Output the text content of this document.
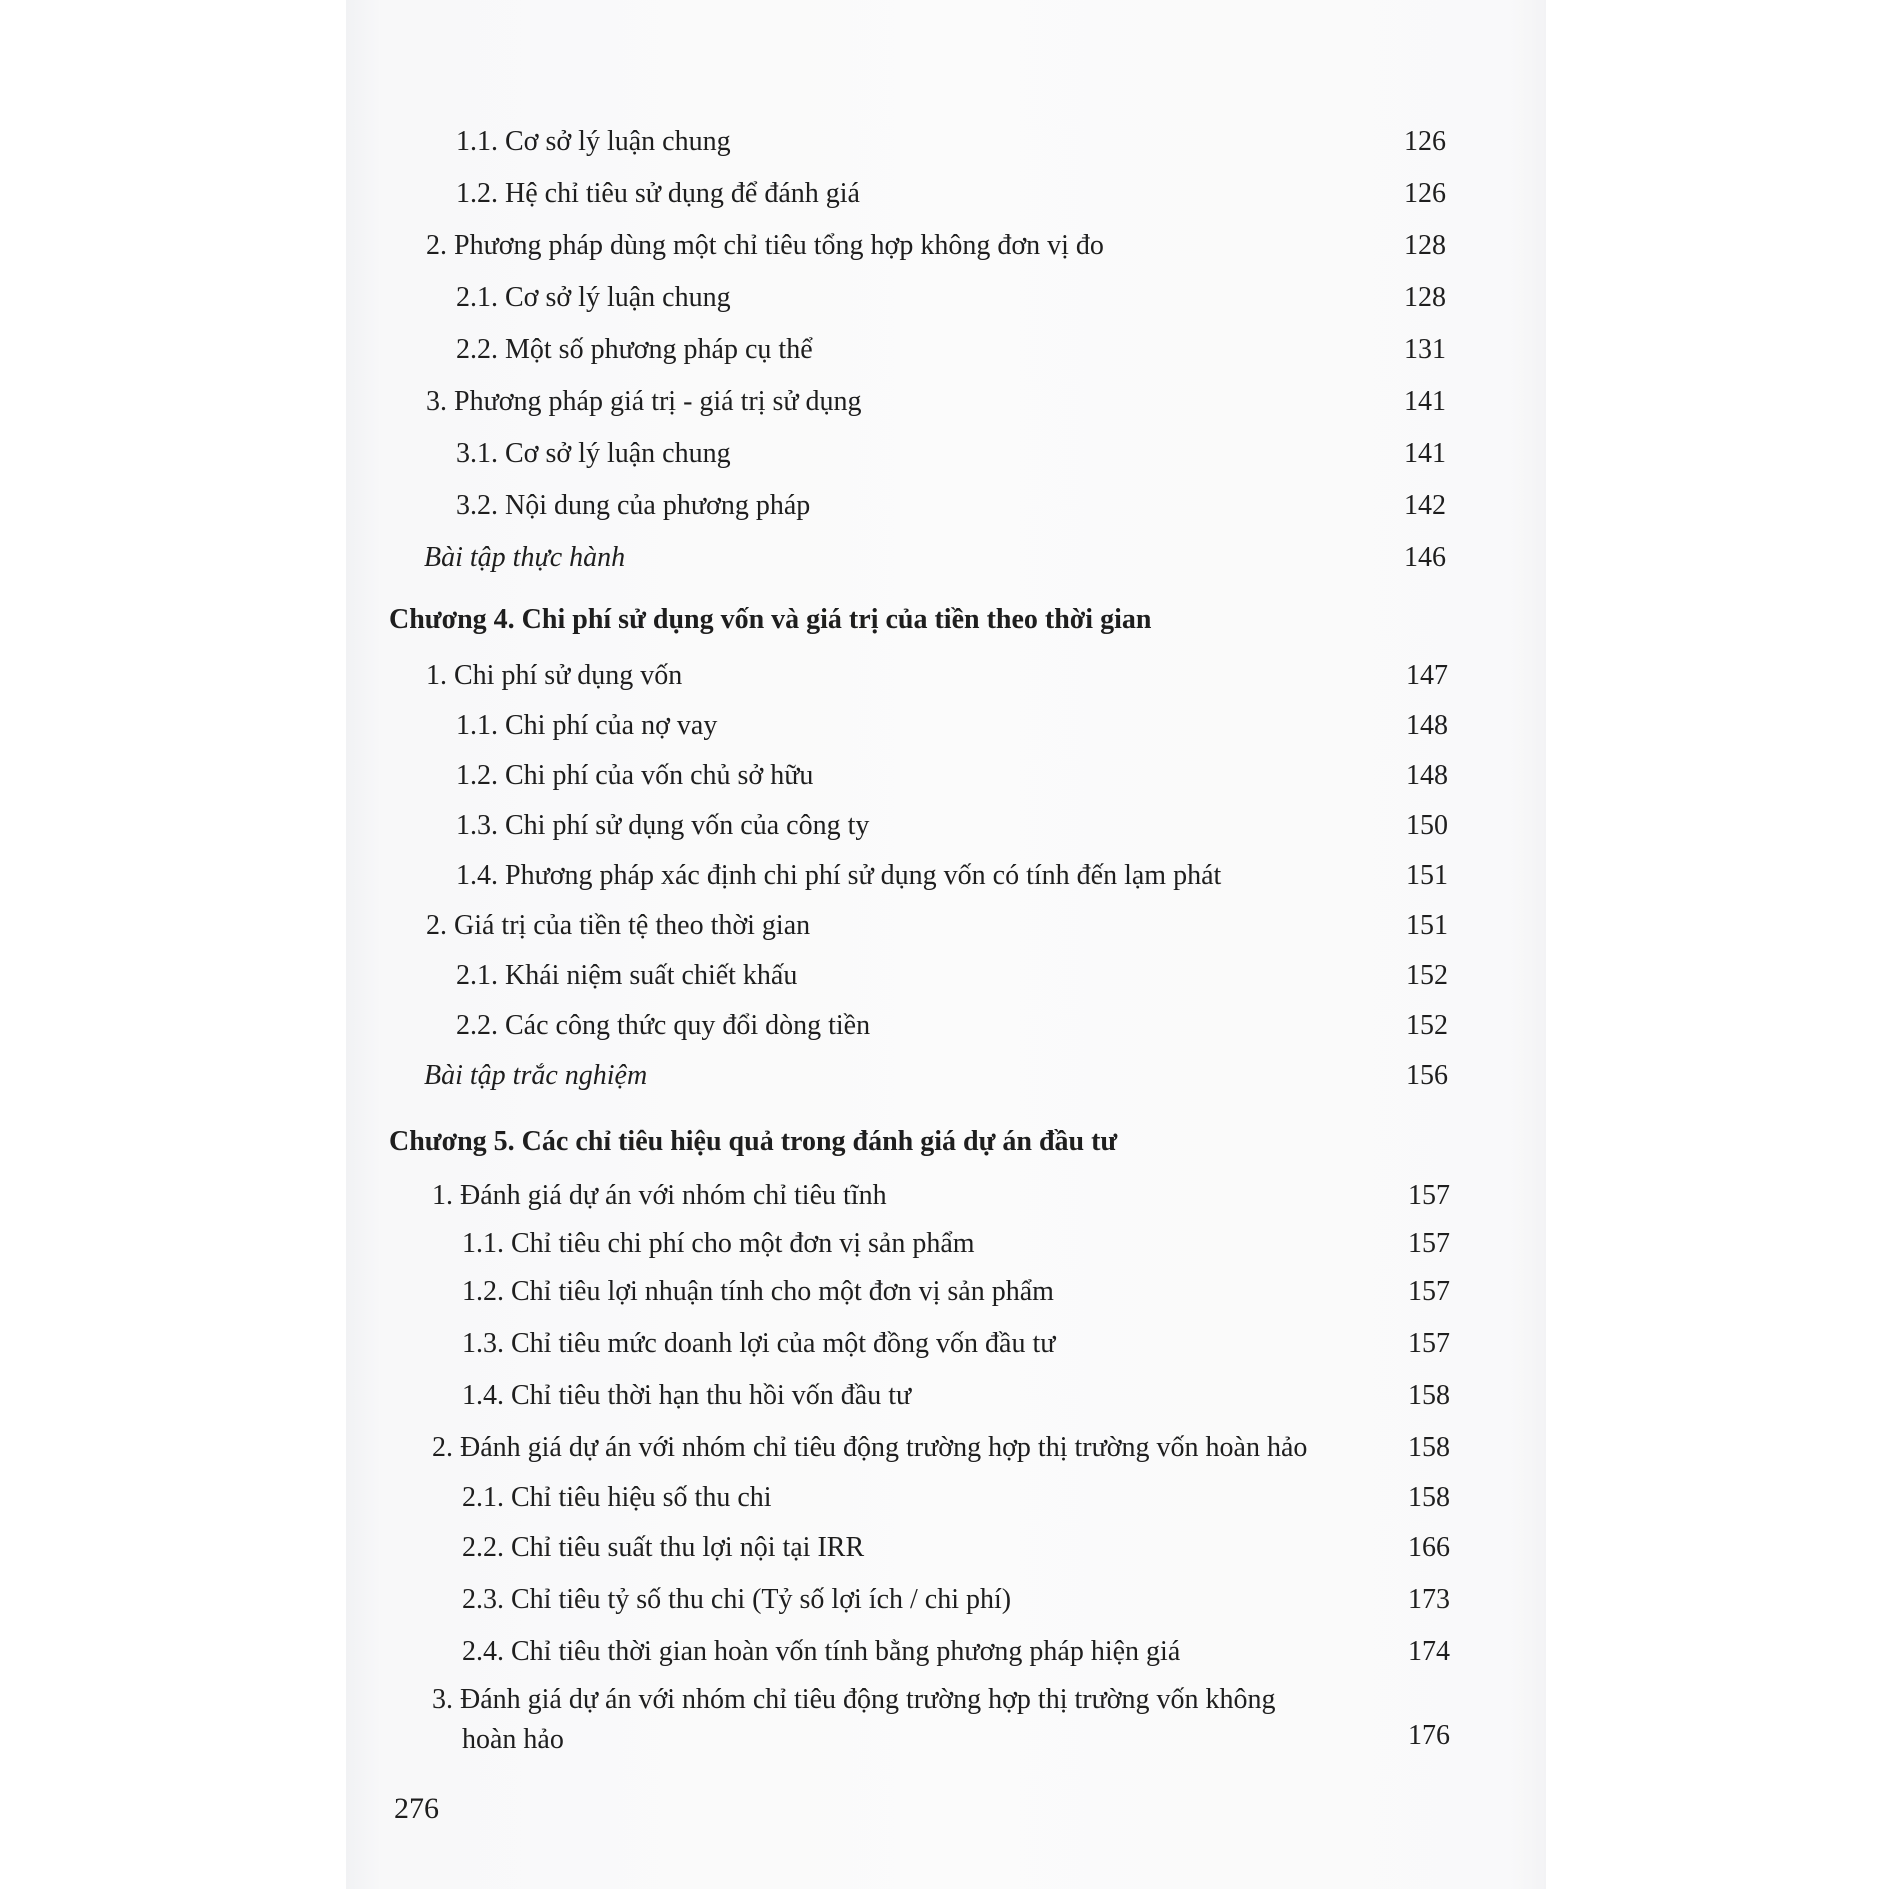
1.1. Cơ sở lý luận chung	126
1.2. Hệ chỉ tiêu sử dụng để đánh giá	126
2. Phương pháp dùng một chỉ tiêu tổng hợp không đơn vị đo	128
2.1. Cơ sở lý luận chung	128
2.2. Một số phương pháp cụ thể	131
3. Phương pháp giá trị - giá trị sử dụng	141
3.1. Cơ sở lý luận chung	141
3.2. Nội dung của phương pháp	142
Bài tập thực hành	146
Chương 4. Chi phí sử dụng vốn và giá trị của tiền theo thời gian
1. Chi phí sử dụng vốn	147
1.1. Chi phí của nợ vay	148
1.2. Chi phí của vốn chủ sở hữu	148
1.3. Chi phí sử dụng vốn của công ty	150
1.4. Phương pháp xác định chi phí sử dụng vốn có tính đến lạm phát	151
2. Giá trị của tiền tệ theo thời gian	151
2.1. Khái niệm suất chiết khấu	152
2.2. Các công thức quy đổi dòng tiền	152
Bài tập trắc nghiệm	156
Chương 5. Các chỉ tiêu hiệu quả trong đánh giá dự án đầu tư
1. Đánh giá dự án với nhóm chỉ tiêu tĩnh	157
1.1. Chỉ tiêu chi phí cho một đơn vị sản phẩm	157
1.2. Chỉ tiêu lợi nhuận tính cho một đơn vị sản phẩm	157
1.3. Chỉ tiêu mức doanh lợi của một đồng vốn đầu tư	157
1.4. Chỉ tiêu thời hạn thu hồi vốn đầu tư	158
2. Đánh giá dự án với nhóm chỉ tiêu động trường hợp thị trường vốn hoàn hảo	158
2.1. Chỉ tiêu hiệu số thu chi	158
2.2. Chỉ tiêu suất thu lợi nội tại IRR	166
2.3. Chỉ tiêu tỷ số thu chi (Tỷ số lợi ích / chi phí)	173
2.4. Chỉ tiêu thời gian hoàn vốn tính bằng phương pháp hiện giá	174
3. Đánh giá dự án với nhóm chỉ tiêu động trường hợp thị trường vốn không
hoàn hảo	176
276
